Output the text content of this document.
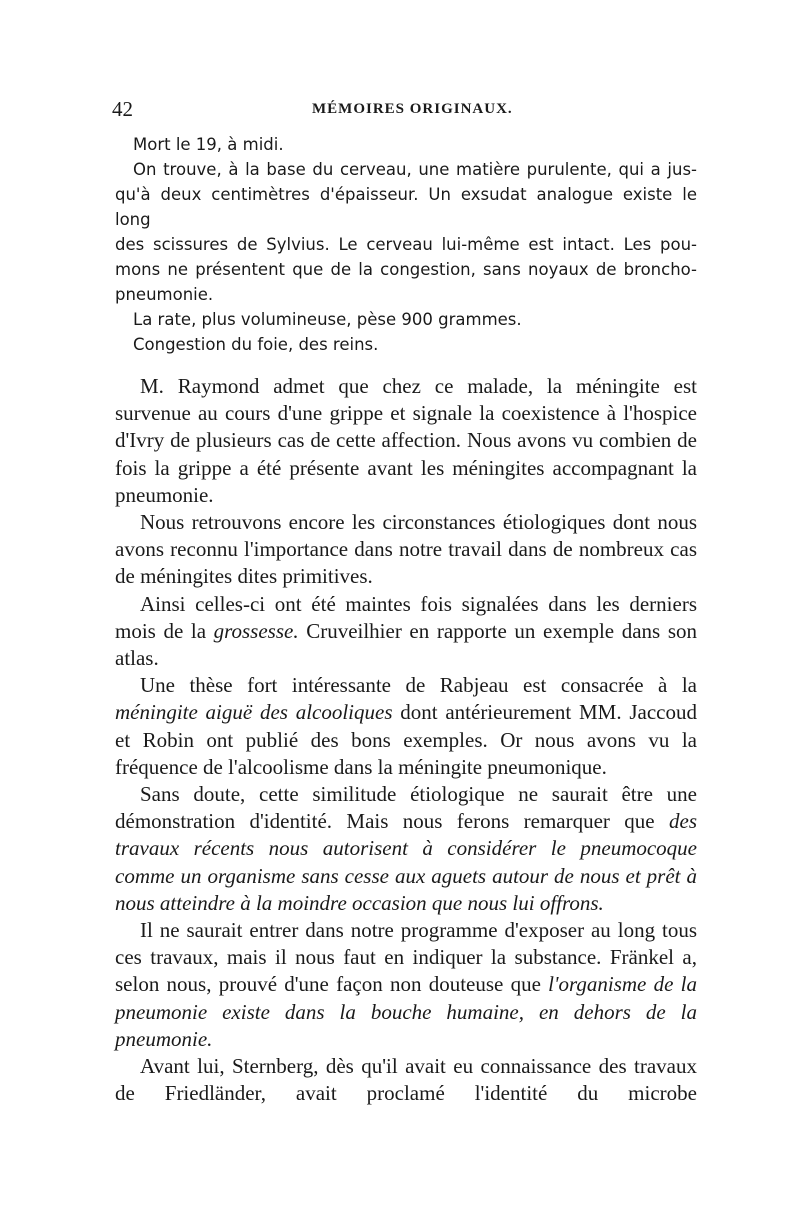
42	MÉMOIRES ORIGINAUX.

Mort le 19, à midi.

On trouve, à la base du cerveau, une matière purulente, qui a jus-

qu'à deux centimètres d'épaisseur. Un exsudat analogue existe le long

des scissures de Sylvius. Le cerveau lui-même est intact. Les pou-

mons ne présentent que de la congestion, sans noyaux de broncho-

pneumonie.

La rate, plus volumineuse, pèse 900 grammes.

Congestion du foie, des reins.

M. Raymond admet que chez ce malade, la méningite est survenue au cours d'une grippe et signale la coexistence à l'hospice d'Ivry de plusieurs cas de cette affection. Nous avons vu combien de fois la grippe a été présente avant les méningites accompagnant la pneumonie.

Nous retrouvons encore les circonstances étiologiques dont nous avons reconnu l'importance dans notre travail dans de nombreux cas de méningites dites primitives.

Ainsi celles-ci ont été maintes fois signalées dans les derniers mois de la grossesse. Cruveilhier en rapporte un exemple dans son atlas.

Une thèse fort intéressante de Rabjeau est consacrée à la méningite aiguë des alcooliques dont antérieurement MM. Jaccoud et Robin ont publié des bons exemples. Or nous avons vu la fréquence de l'alcoolisme dans la méningite pneumonique.

Sans doute, cette similitude étiologique ne saurait être une démonstration d'identité. Mais nous ferons remarquer que des travaux récents nous autorisent à considérer le pneumocoque comme un organisme sans cesse aux aguets autour de nous et prêt à nous atteindre à la moindre occasion que nous lui offrons.

Il ne saurait entrer dans notre programme d'exposer au long tous ces travaux, mais il nous faut en indiquer la substance. Fränkel a, selon nous, prouvé d'une façon non douteuse que l'organisme de la pneumonie existe dans la bouche humaine, en dehors de la pneumonie.

Avant lui, Sternberg, dès qu'il avait eu connaissance des travaux de Friedländer, avait proclamé l'identité du microbe
